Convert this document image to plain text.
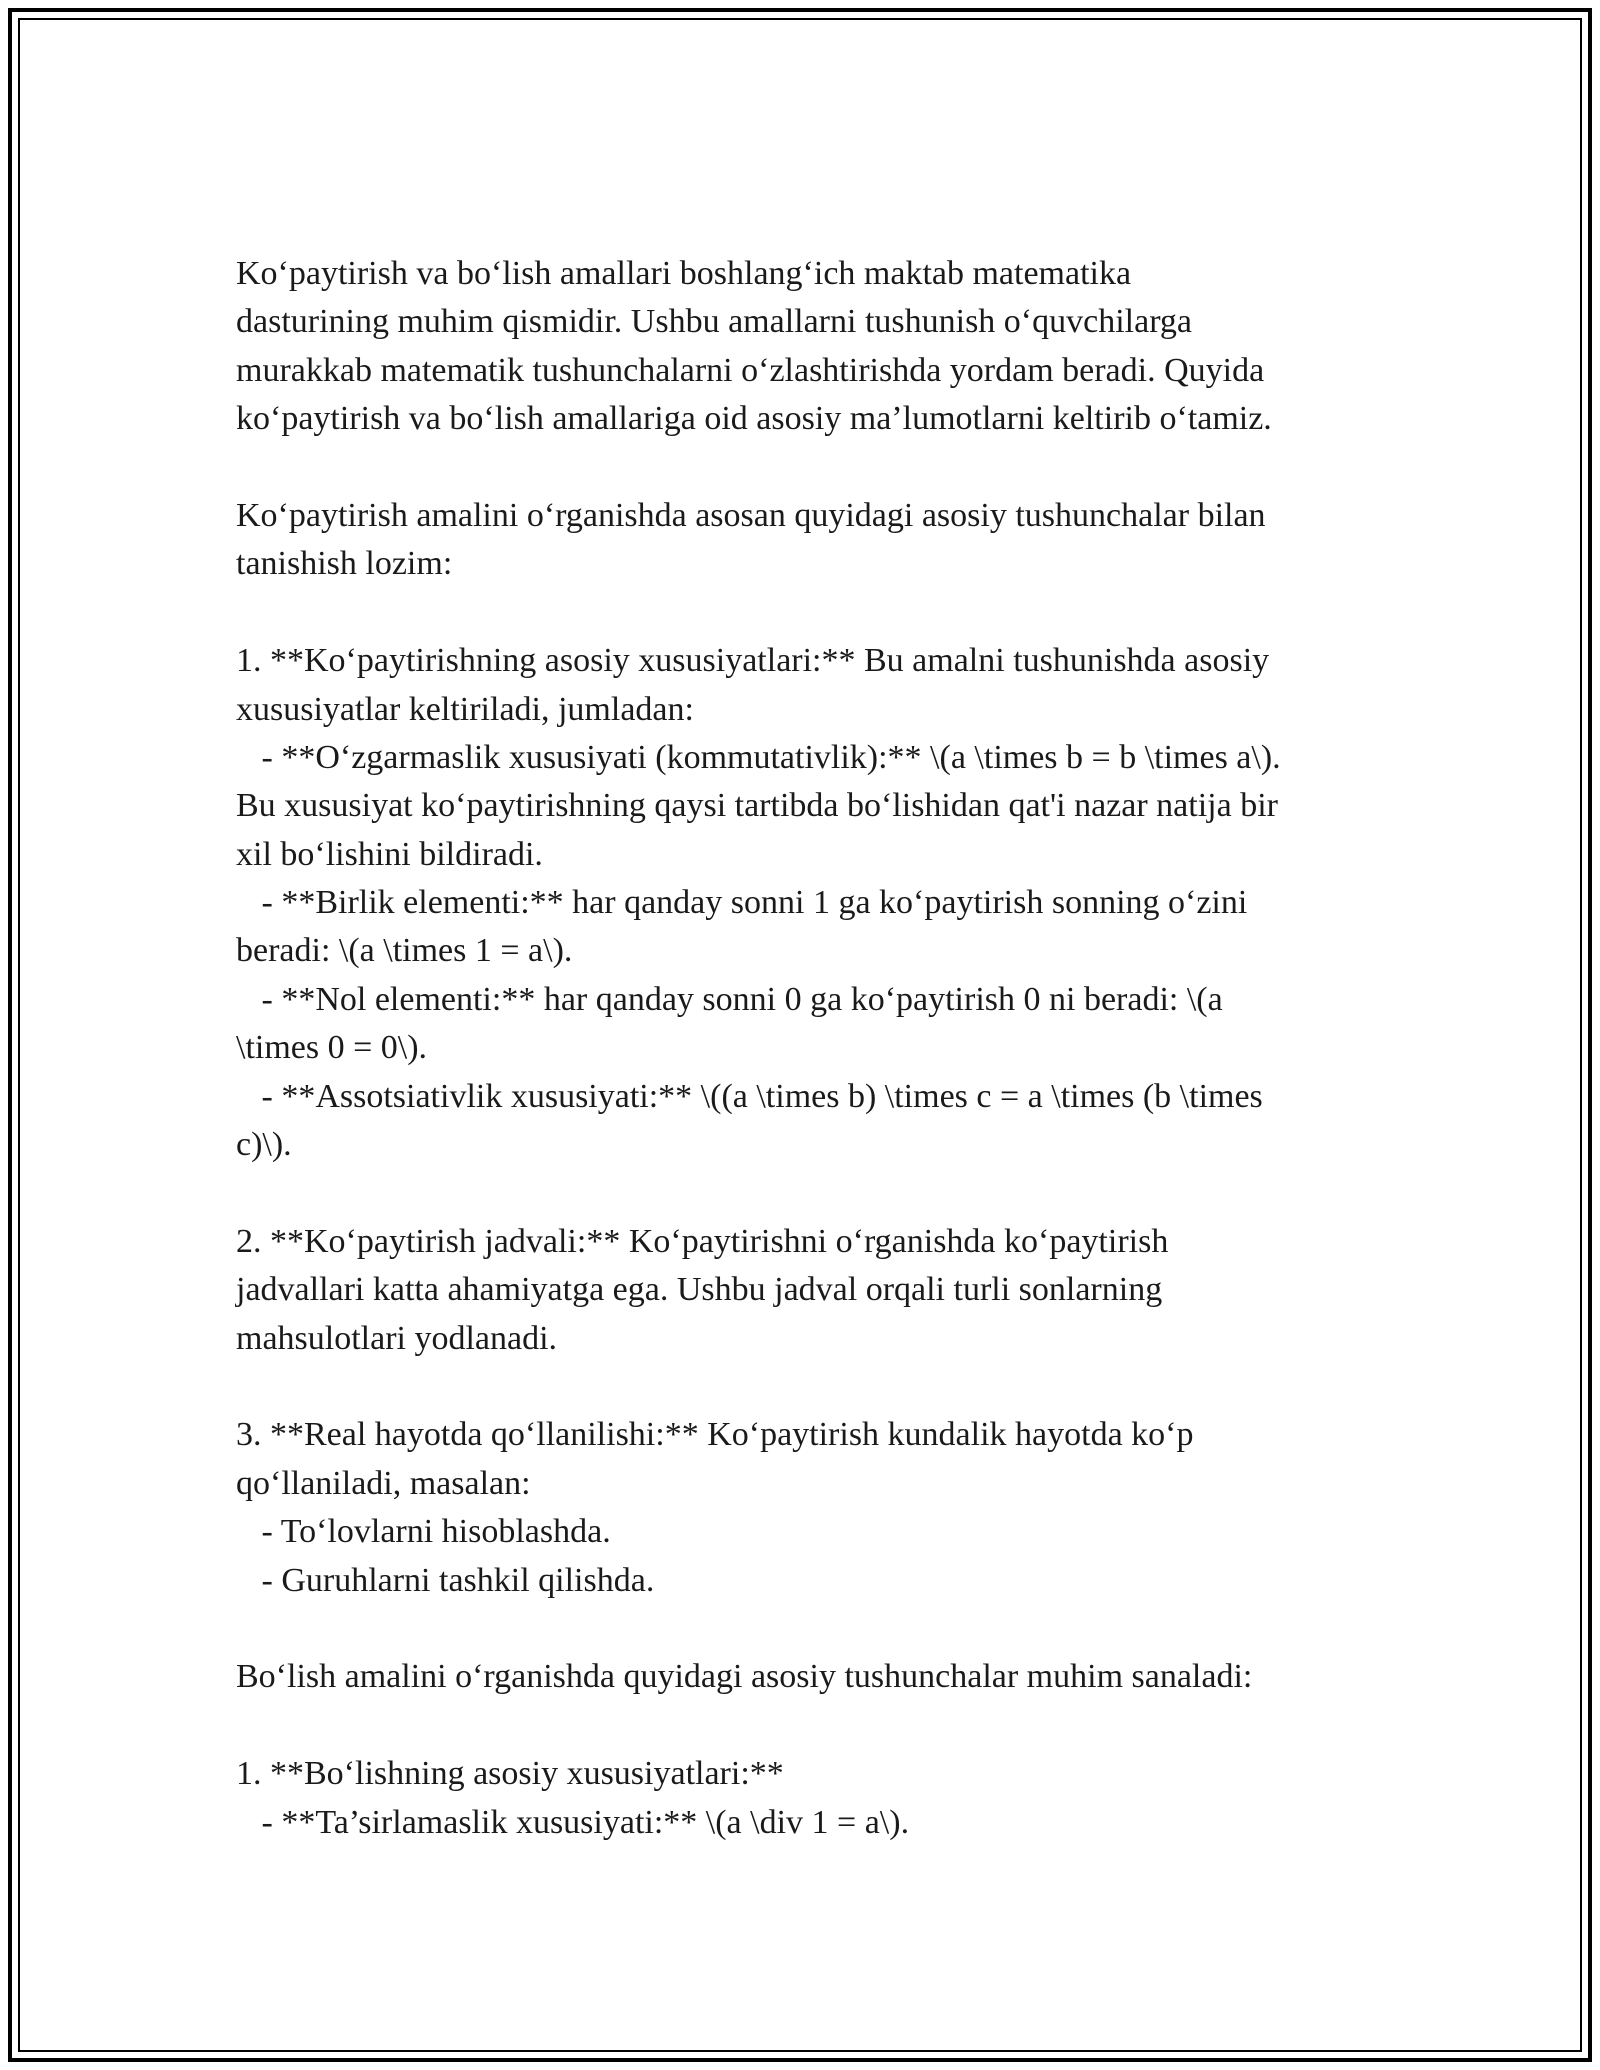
Ko‘paytirish va bo‘lish amallari boshlang‘ich maktab matematika
dasturining muhim qismidir. Ushbu amallarni tushunish o‘quvchilarga
murakkab matematik tushunchalarni o‘zlashtirishda yordam beradi. Quyida
ko‘paytirish va bo‘lish amallariga oid asosiy ma’lumotlarni keltirib o‘tamiz.
Ko‘paytirish amalini o‘rganishda asosan quyidagi asosiy tushunchalar bilan
tanishish lozim:
1. **Ko‘paytirishning asosiy xususiyatlari:** Bu amalni tushunishda asosiy
xususiyatlar keltiriladi, jumladan:
- **O‘zgarmaslik xususiyati (kommutativlik):** \(a \times b = b \times a\).
Bu xususiyat ko‘paytirishning qaysi tartibda bo‘lishidan qat'i nazar natija bir
xil bo‘lishini bildiradi.
- **Birlik elementi:** har qanday sonni 1 ga ko‘paytirish sonning o‘zini
beradi: \(a \times 1 = a\).
- **Nol elementi:** har qanday sonni 0 ga ko‘paytirish 0 ni beradi: \(a
\times 0 = 0\).
- **Assotsiativlik xususiyati:** \((a \times b) \times c = a \times (b \times
c)\).
2. **Ko‘paytirish jadvali:** Ko‘paytirishni o‘rganishda ko‘paytirish
jadvallari katta ahamiyatga ega. Ushbu jadval orqali turli sonlarning
mahsulotlari yodlanadi.
3. **Real hayotda qo‘llanilishi:** Ko‘paytirish kundalik hayotda ko‘p
qo‘llaniladi, masalan:
- To‘lovlarni hisoblashda.
- Guruhlarni tashkil qilishda.
Bo‘lish amalini o‘rganishda quyidagi asosiy tushunchalar muhim sanaladi:
1. **Bo‘lishning asosiy xususiyatlari:**
- **Ta’sirlamaslik xususiyati:** \(a \div 1 = a\).
